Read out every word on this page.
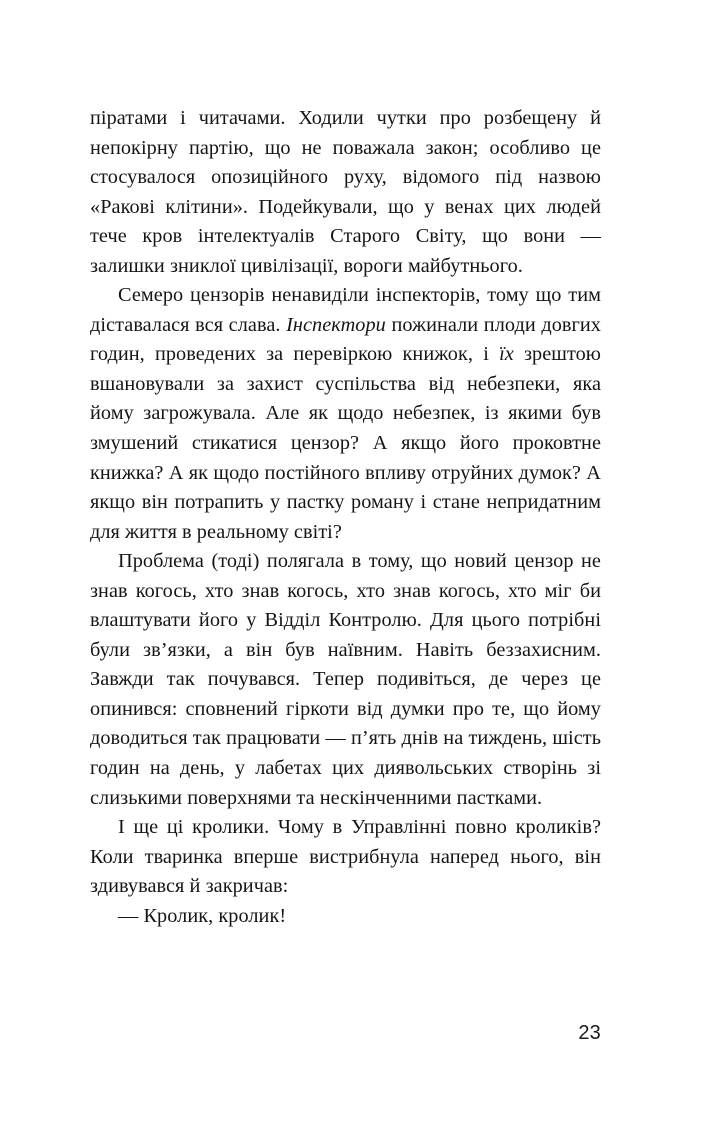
піратами і читачами. Ходили чутки про розбещену й непокірну партію, що не поважала закон; особливо це стосувалося опозиційного руху, відомого під назвою «Ракові клітини». Подейкували, що у венах цих людей тече кров інтелектуалів Старого Світу, що вони — залишки зниклої цивілізації, вороги майбутнього.

Семеро цензорів ненавиділи інспекторів, тому що тим діставалася вся слава. Інспектори пожинали плоди довгих годин, проведених за перевіркою книжок, і їх зрештою вшановували за захист суспільства від небезпеки, яка йому загрожувала. Але як щодо небезпек, із якими був змушений стикатися цензор? А якщо його проковтне книжка? А як щодо постійного впливу отруйних думок? А якщо він потрапить у пастку роману і стане непридатним для життя в реальному світі?

Проблема (тоді) полягала в тому, що новий цензор не знав когось, хто знав когось, хто знав когось, хто міг би влаштувати його у Відділ Контролю. Для цього потрібні були зв’язки, а він був наївним. Навіть беззахисним. Завжди так почувався. Тепер подивіться, де через це опинився: сповнений гіркоти від думки про те, що йому доводиться так працювати — п’ять днів на тиждень, шість годин на день, у лабетах цих диявольських створінь зі слизькими поверхнями та нескінченними пастками.

І ще ці кролики. Чому в Управлінні повно кроликів? Коли тваринка вперше вистрибнула наперед нього, він здивувався й закричав:

— Кролик, кролик!

23
